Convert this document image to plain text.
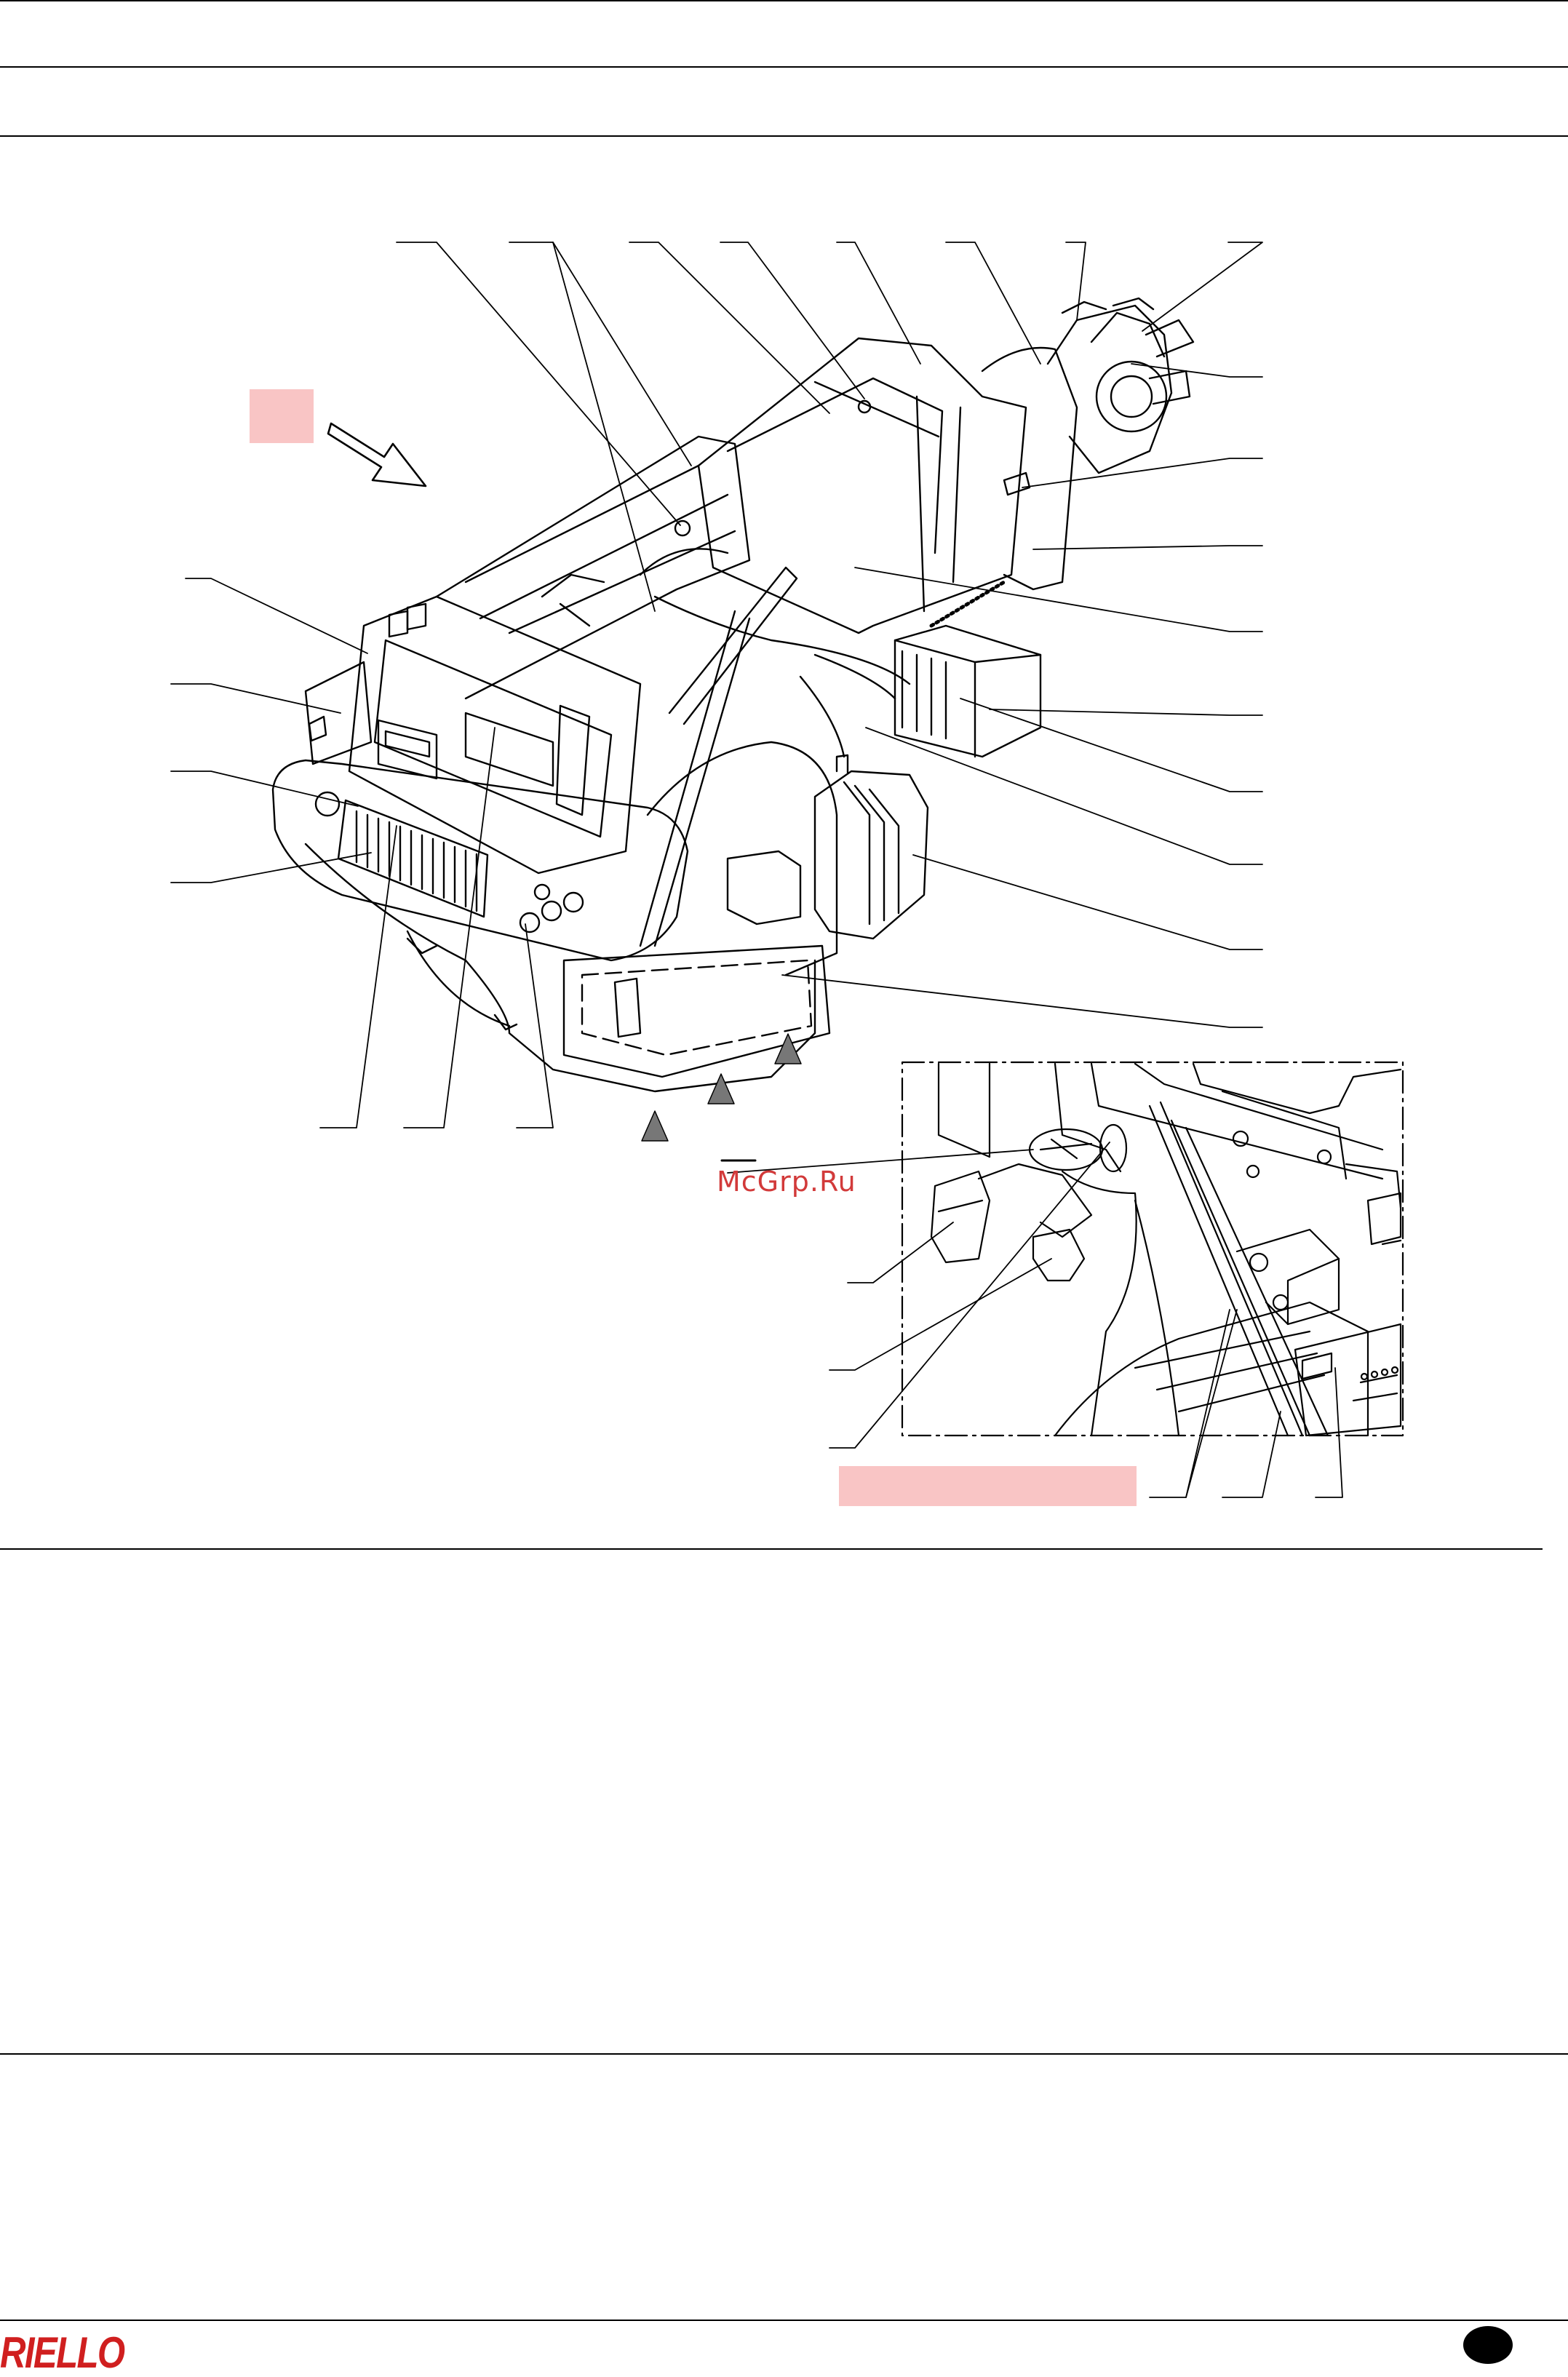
McGrp.Ru
RIELLO
